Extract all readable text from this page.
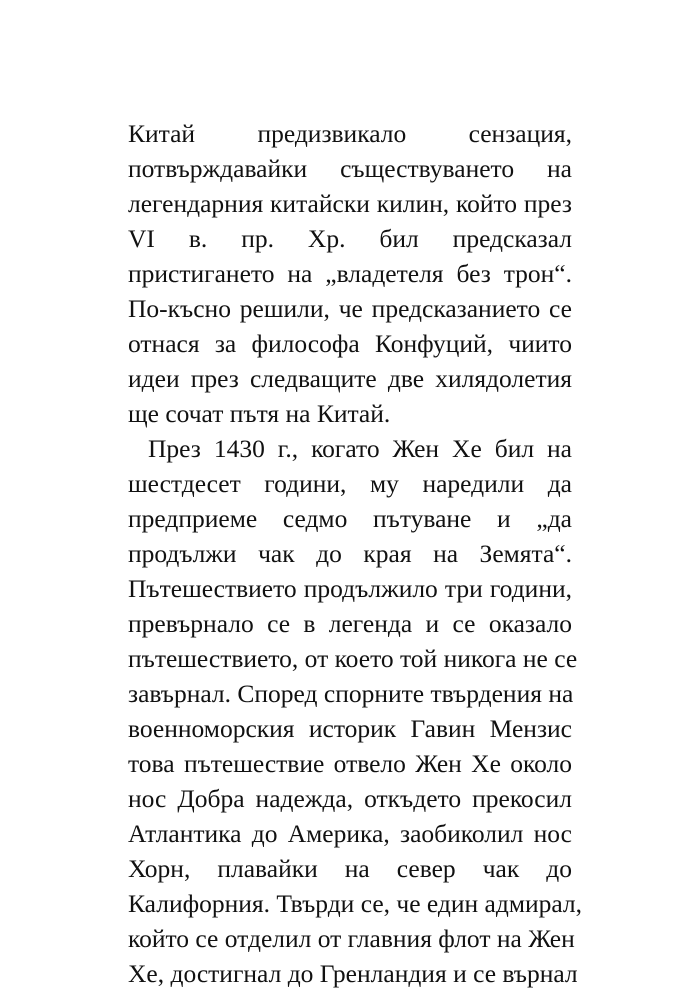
Китай предизвикало сензация,
потвърждавайки съществуването на
легендарния китайски килин, който през
VI в. пр. Хр. бил предсказал
пристигането на „владетеля без трон“.
По-късно решили, че предсказанието се
отнася за философа Конфуций, чиито
идеи през следващите две хилядолетия
ще сочат пътя на Китай.
През 1430 г., когато Жен Хе бил на
шестдесет години, му наредили да
предприеме седмо пътуване и „да
продължи чак до края на Земята“.
Пътешествието продължило три години,
превърнало се в легенда и се оказало
пътешествието, от което той никога не се
завърнал. Според спорните твърдения на
военноморския историк Гавин Мензис
това пътешествие отвело Жен Хе около
нос Добра надежда, откъдето прекосил
Атлантика до Америка, заобиколил нос
Хорн, плавайки на север чак до
Калифорния. Твърди се, че един адмирал,
който се отделил от главния флот на Жен
Хе, достигнал до Гренландия и се върнал
